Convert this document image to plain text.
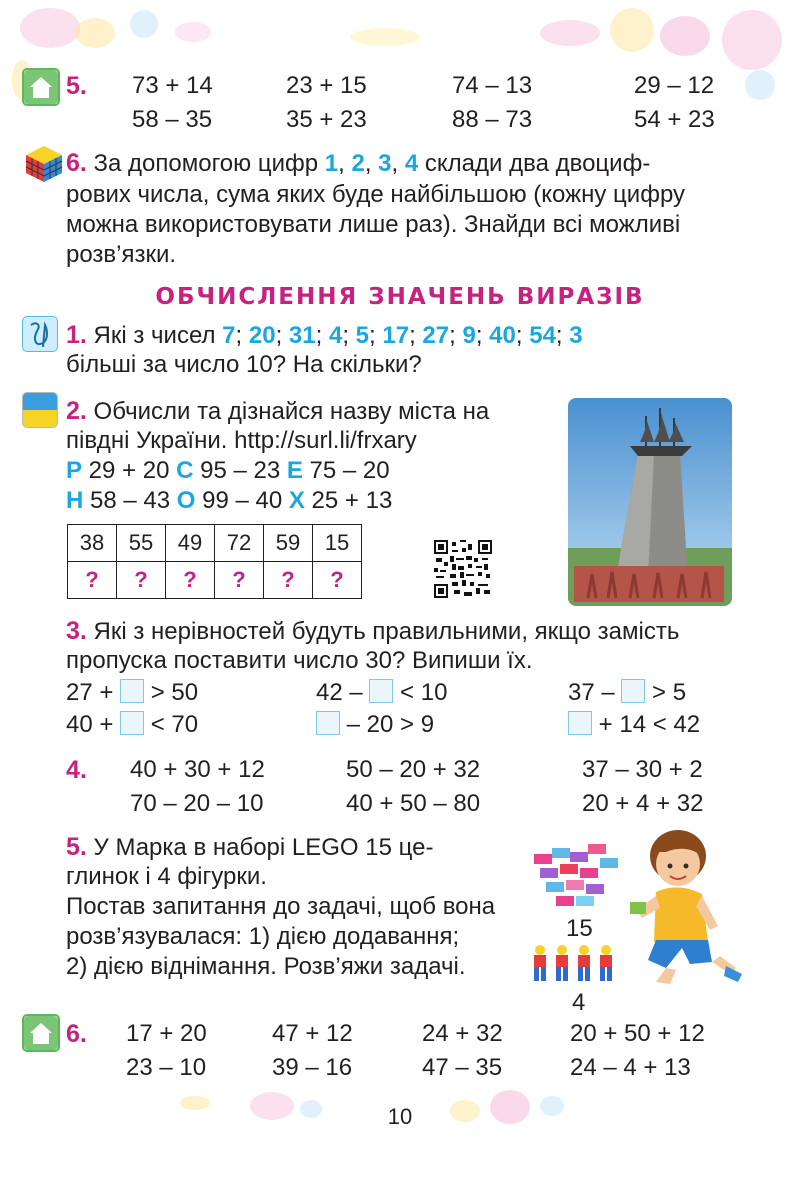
5. 73 + 14	23 + 15	74 – 13	29 – 12
58 – 35	35 + 23	88 – 73	54 + 23
6. За допомогою цифр 1, 2, 3, 4 склади два двоциф-
рових числа, сума яких буде найбільшою (кожну цифру
можна використовувати лише раз). Знайди всі можливі
розв’язки.
ОБЧИСЛЕННЯ ЗНАЧЕНЬ ВИРАЗІВ
1. Які з чисел 7; 20; 31; 4; 5; 17; 27; 9; 40; 54; 3
більші за число 10? На скільки?
2. Обчисли та дізнайся назву міста на
півдні України. http://surl.li/frxary
Р 29 + 20 С 95 – 23 Е 75 – 20
Н 58 – 43 О 99 – 40 Х 25 + 13
38	55	49	72	59	15
?	?	?	?	?	?
3. Які з нерівностей будуть правильними, якщо замість
пропуска поставити число 30? Випиши їх.
27 +  > 50	42 –  < 10	37 –  > 5
40 +  < 70	– 20 > 9	+ 14 < 42
4. 40 + 30 + 12	50 – 20 + 32	37 – 30 + 2
70 – 20 – 10	40 + 50 – 80	20 + 4 + 32
5. У Марка в наборі LEGO 15 це-
глинок і 4 фігурки.
Постав запитання до задачі, щоб вона
розв’язувалася: 1) дією додавання;
2) дією віднімання. Розв’яжи задачі.
15
4
6. 17 + 20	47 + 12	24 + 32	20 + 50 + 12
23 – 10	39 – 16	47 – 35	24 – 4 + 13
10
